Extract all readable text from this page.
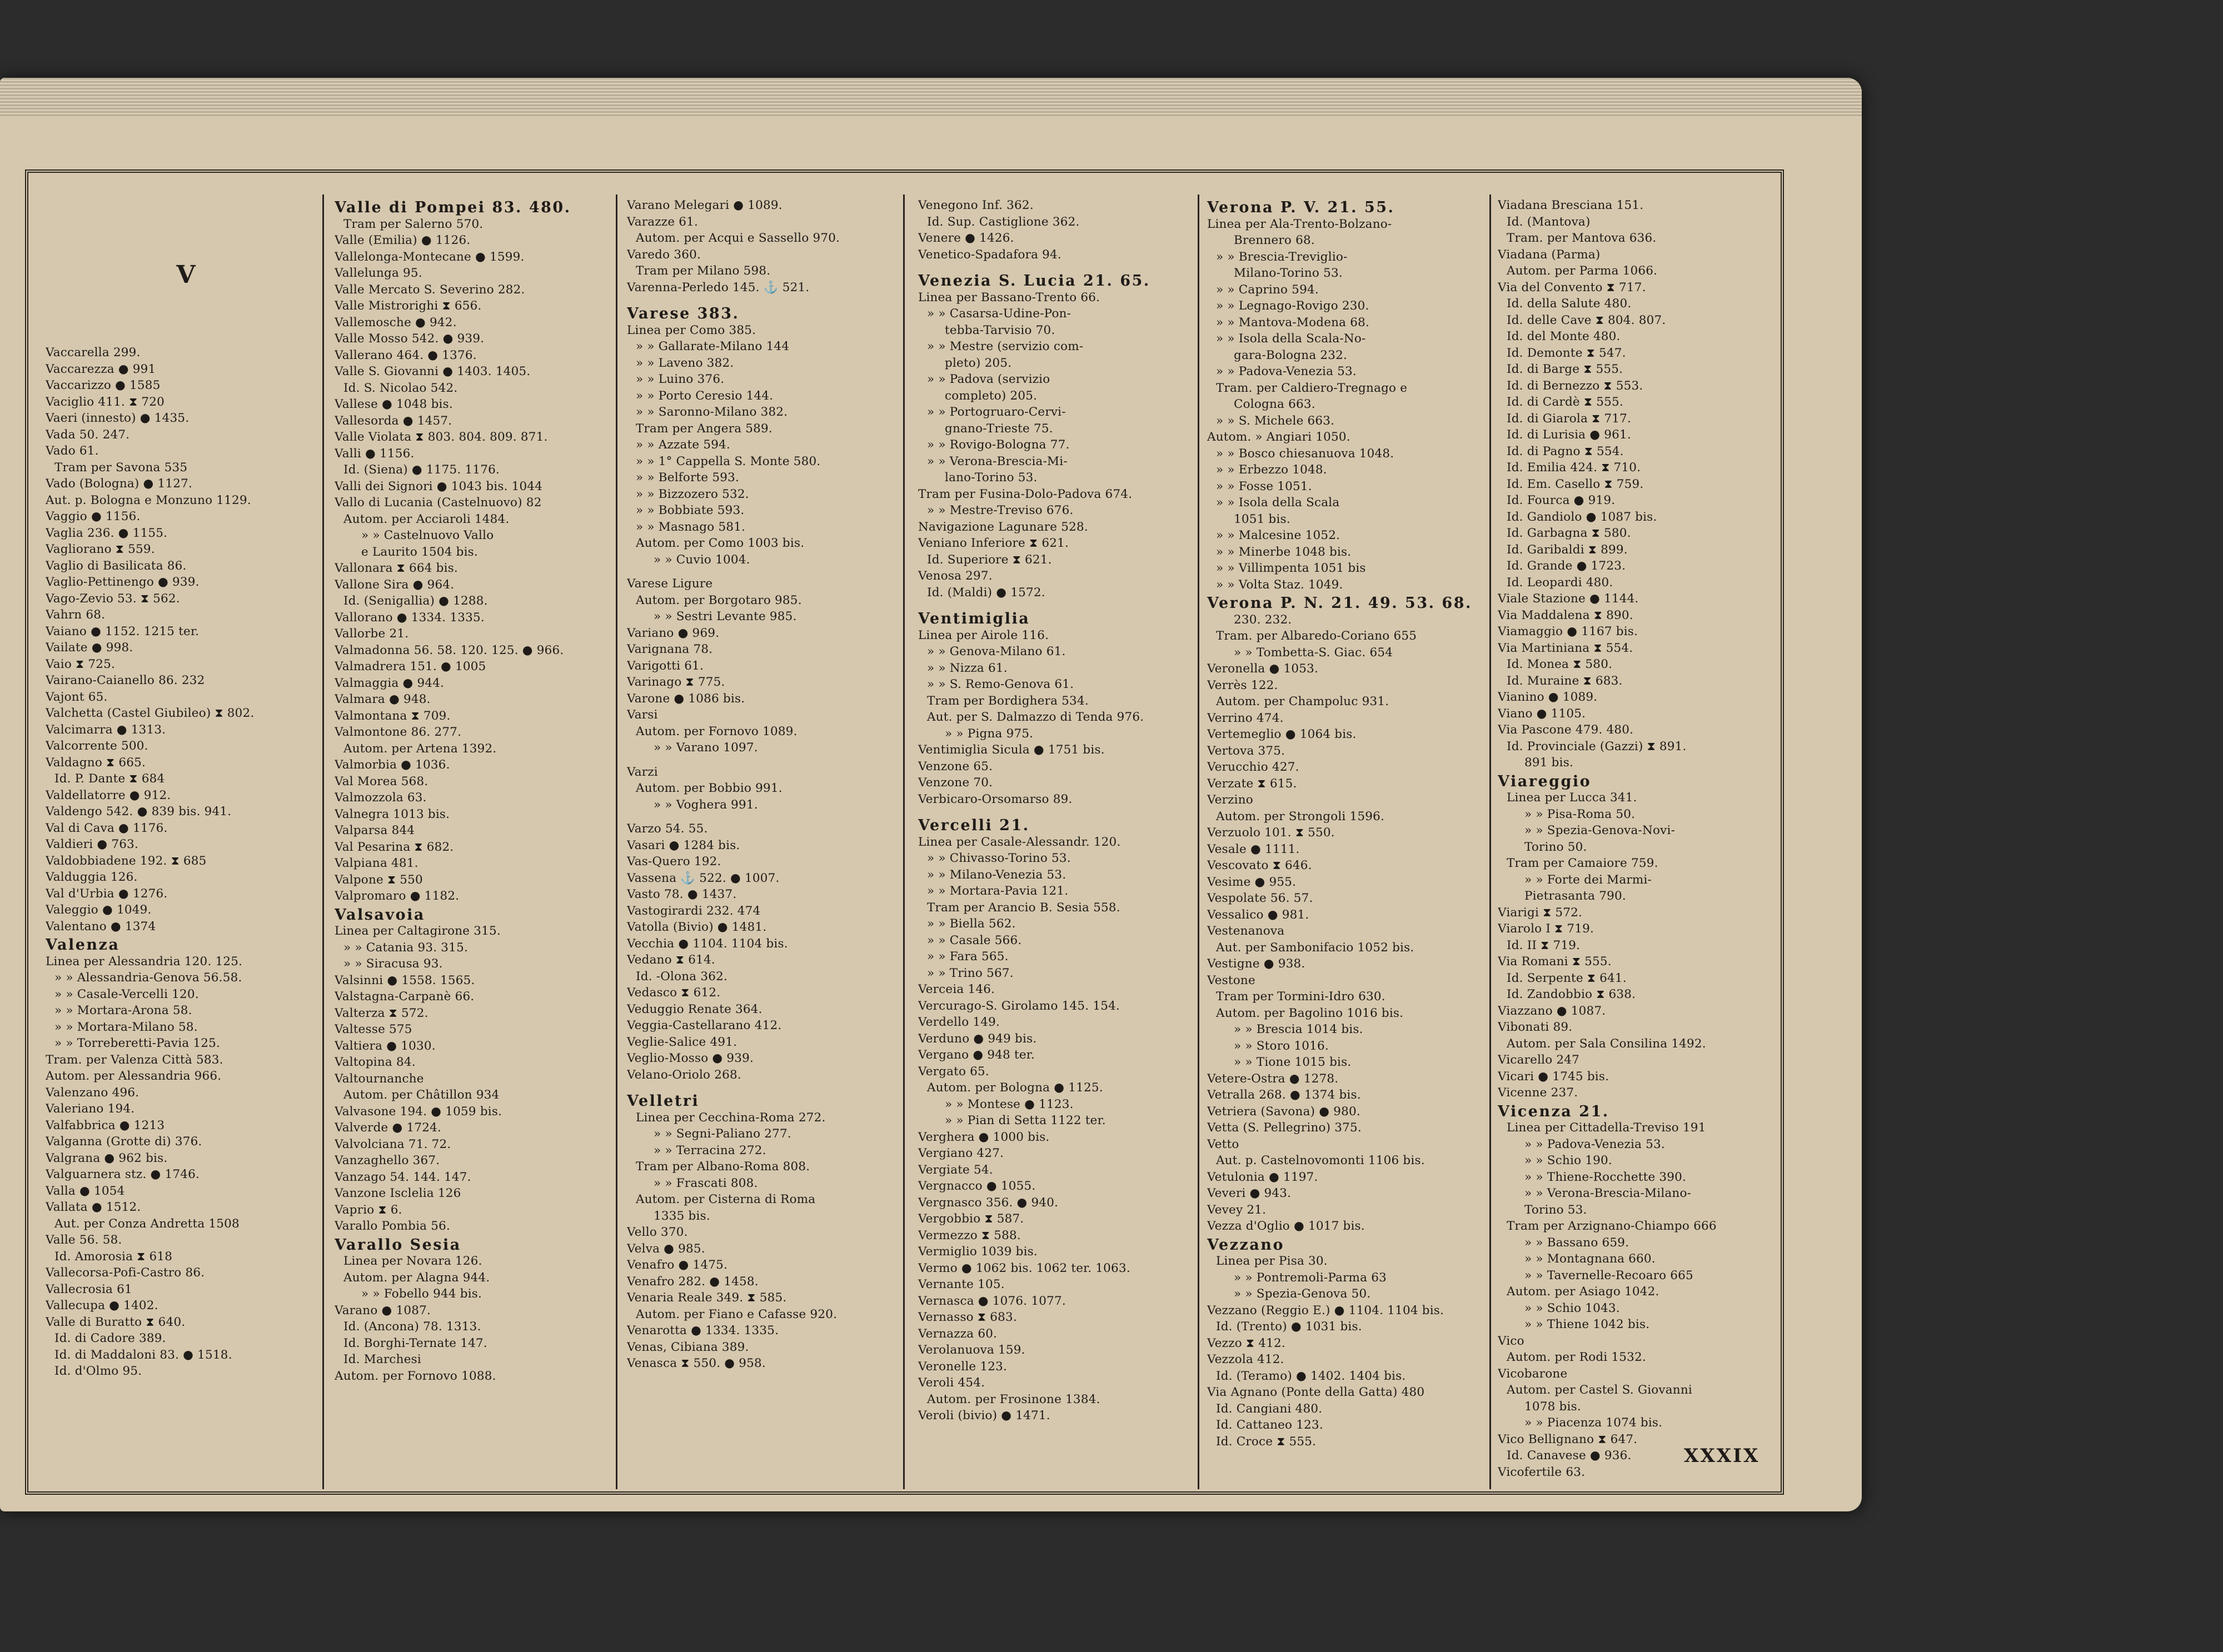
V
Vaccarella 299.
Vaccarezza ● 991
Vaccarizzo ● 1585
Vaciglio 411. ⧗ 720
Vaeri (innesto) ● 1435.
Vada 50. 247.
Vado 61.
Tram per Savona 535
Vado (Bologna) ● 1127.
Aut. p. Bologna e Monzuno 1129.
Vaggio ● 1156.
Vaglia 236. ● 1155.
Vagliorano ⧗ 559.
Vaglio di Basilicata 86.
Vaglio-Pettinengo ● 939.
Vago-Zevio 53. ⧗ 562.
Vahrn 68.
Vaiano ● 1152. 1215 ter.
Vailate ● 998.
Vaio ⧗ 725.
Vairano-Caianello 86. 232
Vajont 65.
Valchetta (Castel Giubileo) ⧗ 802.
Valcimarra ● 1313.
Valcorrente 500.
Valdagno ⧗ 665.
Id. P. Dante ⧗ 684
Valdellatorre ● 912.
Valdengo 542. ● 839 bis. 941.
Val di Cava ● 1176.
Valdieri ● 763.
Valdobbiadene 192. ⧗ 685
Valduggia 126.
Val d'Urbia ● 1276.
Valeggio ● 1049.
Valentano ● 1374
Valenza
Linea per Alessandria 120. 125.
» » Alessandria-Genova 56.58.
» » Casale-Vercelli 120.
» » Mortara-Arona 58.
» » Mortara-Milano 58.
» » Torreberetti-Pavia 125.
Tram. per Valenza Città 583.
Autom. per Alessandria 966.
Valenzano 496.
Valeriano 194.
Valfabbrica ● 1213
Valganna (Grotte di) 376.
Valgrana ● 962 bis.
Valguarnera stz. ● 1746.
Valla ● 1054
Vallata ● 1512.
Aut. per Conza Andretta 1508
Valle 56. 58.
Id. Amorosia ⧗ 618
Vallecorsa-Pofi-Castro 86.
Vallecrosia 61
Vallecupa ● 1402.
Valle di Buratto ⧗ 640.
Id. di Cadore 389.
Id. di Maddaloni 83. ● 1518.
Id. d'Olmo 95.
Valle di Pompei 83. 480.
Tram per Salerno 570.
Valle (Emilia) ● 1126.
Vallelonga-Montecane ● 1599.
Vallelunga 95.
Valle Mercato S. Severino 282.
Valle Mistrorighi ⧗ 656.
Vallemosche ● 942.
Valle Mosso 542. ● 939.
Vallerano 464. ● 1376.
Valle S. Giovanni ● 1403. 1405.
Id. S. Nicolao 542.
Vallese ● 1048 bis.
Vallesorda ● 1457.
Valle Violata ⧗ 803. 804. 809. 871.
Valli ● 1156.
Id. (Siena) ● 1175. 1176.
Valli dei Signori ● 1043 bis. 1044
Vallo di Lucania (Castelnuovo) 82
Autom. per Acciaroli 1484.
» » Castelnuovo Vallo
e Laurito 1504 bis.
Vallonara ⧗ 664 bis.
Vallone Sira ● 964.
Id. (Senigallia) ● 1288.
Vallorano ● 1334. 1335.
Vallorbe 21.
Valmadonna 56. 58. 120. 125. ● 966.
Valmadrera 151. ● 1005
Valmaggia ● 944.
Valmara ● 948.
Valmontana ⧗ 709.
Valmontone 86. 277.
Autom. per Artena 1392.
Valmorbia ● 1036.
Val Morea 568.
Valmozzola 63.
Valnegra 1013 bis.
Valparsa 844
Val Pesarina ⧗ 682.
Valpiana 481.
Valpone ⧗ 550
Valpromaro ● 1182.
Valsavoia
Linea per Caltagirone 315.
» » Catania 93. 315.
» » Siracusa 93.
Valsinni ● 1558. 1565.
Valstagna-Carpanè 66.
Valterza ⧗ 572.
Valtesse 575
Valtiera ● 1030.
Valtopina 84.
Valtournanche
Autom. per Châtillon 934
Valvasone 194. ● 1059 bis.
Valverde ● 1724.
Valvolciana 71. 72.
Vanzaghello 367.
Vanzago 54. 144. 147.
Vanzone Isclelia 126
Vaprio ⧗ 6.
Varallo Pombia 56.
Varallo Sesia
Linea per Novara 126.
Autom. per Alagna 944.
» » Fobello 944 bis.
Varano ● 1087.
Id. (Ancona) 78. 1313.
Id. Borghi-Ternate 147.
Id. Marchesi
Autom. per Fornovo 1088.
Varano Melegari ● 1089.
Varazze 61.
Autom. per Acqui e Sassello 970.
Varedo 360.
Tram per Milano 598.
Varenna-Perledo 145. ⚓ 521.
Varese 383.
Linea per Como 385.
» » Gallarate-Milano 144
» » Laveno 382.
» » Luino 376.
» » Porto Ceresio 144.
» » Saronno-Milano 382.
Tram per Angera 589.
» » Azzate 594.
» » 1° Cappella S. Monte 580.
» » Belforte 593.
» » Bizzozero 532.
» » Bobbiate 593.
» » Masnago 581.
Autom. per Como 1003 bis.
» » Cuvio 1004.
Varese Ligure
Autom. per Borgotaro 985.
» » Sestri Levante 985.
Variano ● 969.
Varignana 78.
Varigotti 61.
Varinago ⧗ 775.
Varone ● 1086 bis.
Varsi
Autom. per Fornovo 1089.
» » Varano 1097.
Varzi
Autom. per Bobbio 991.
» » Voghera 991.
Varzo 54. 55.
Vasari ● 1284 bis.
Vas-Quero 192.
Vassena ⚓ 522. ● 1007.
Vasto 78. ● 1437.
Vastogirardi 232. 474
Vatolla (Bivio) ● 1481.
Vecchia ● 1104. 1104 bis.
Vedano ⧗ 614.
Id. -Olona 362.
Vedasco ⧗ 612.
Veduggio Renate 364.
Veggia-Castellarano 412.
Veglie-Salice 491.
Veglio-Mosso ● 939.
Velano-Oriolo 268.
Velletri
Linea per Cecchina-Roma 272.
» » Segni-Paliano 277.
» » Terracina 272.
Tram per Albano-Roma 808.
» » Frascati 808.
Autom. per Cisterna di Roma
1335 bis.
Vello 370.
Velva ● 985.
Venafro ● 1475.
Venafro 282. ● 1458.
Venaria Reale 349. ⧗ 585.
Autom. per Fiano e Cafasse 920.
Venarotta ● 1334. 1335.
Venas, Cibiana 389.
Venasca ⧗ 550. ● 958.
Venegono Inf. 362.
Id. Sup. Castiglione 362.
Venere ● 1426.
Venetico-Spadafora 94.
Venezia S. Lucia 21. 65.
Linea per Bassano-Trento 66.
» » Casarsa-Udine-Pon-
tebba-Tarvisio 70.
» » Mestre (servizio com-
pleto) 205.
» » Padova (servizio
completo) 205.
» » Portogruaro-Cervi-
gnano-Trieste 75.
» » Rovigo-Bologna 77.
» » Verona-Brescia-Mi-
lano-Torino 53.
Tram per Fusina-Dolo-Padova 674.
» » Mestre-Treviso 676.
Navigazione Lagunare 528.
Veniano Inferiore ⧗ 621.
Id. Superiore ⧗ 621.
Venosa 297.
Id. (Maldi) ● 1572.
Ventimiglia
Linea per Airole 116.
» » Genova-Milano 61.
» » Nizza 61.
» » S. Remo-Genova 61.
Tram per Bordighera 534.
Aut. per S. Dalmazzo di Tenda 976.
» » Pigna 975.
Ventimiglia Sicula ● 1751 bis.
Venzone 65.
Venzone 70.
Verbicaro-Orsomarso 89.
Vercelli 21.
Linea per Casale-Alessandr. 120.
» » Chivasso-Torino 53.
» » Milano-Venezia 53.
» » Mortara-Pavia 121.
Tram per Arancio B. Sesia 558.
» » Biella 562.
» » Casale 566.
» » Fara 565.
» » Trino 567.
Verceia 146.
Vercurago-S. Girolamo 145. 154.
Verdello 149.
Verduno ● 949 bis.
Vergano ● 948 ter.
Vergato 65.
Autom. per Bologna ● 1125.
» » Montese ● 1123.
» » Pian di Setta 1122 ter.
Verghera ● 1000 bis.
Vergiano 427.
Vergiate 54.
Vergnacco ● 1055.
Vergnasco 356. ● 940.
Vergobbio ⧗ 587.
Vermezzo ⧗ 588.
Vermiglio 1039 bis.
Vermo ● 1062 bis. 1062 ter. 1063.
Vernante 105.
Vernasca ● 1076. 1077.
Vernasso ⧗ 683.
Vernazza 60.
Verolanuova 159.
Veronelle 123.
Veroli 454.
Autom. per Frosinone 1384.
Veroli (bivio) ● 1471.
Verona P. V. 21. 55.
Linea per Ala-Trento-Bolzano-
Brennero 68.
» » Brescia-Treviglio-
Milano-Torino 53.
» » Caprino 594.
» » Legnago-Rovigo 230.
» » Mantova-Modena 68.
» » Isola della Scala-No-
gara-Bologna 232.
» » Padova-Venezia 53.
Tram. per Caldiero-Tregnago e
Cologna 663.
» » S. Michele 663.
Autom. » Angiari 1050.
» » Bosco chiesanuova 1048.
» » Erbezzo 1048.
» » Fosse 1051.
» » Isola della Scala
1051 bis.
» » Malcesine 1052.
» » Minerbe 1048 bis.
» » Villimpenta 1051 bis
» » Volta Staz. 1049.
Verona P. N. 21. 49. 53. 68.
230. 232.
Tram. per Albaredo-Coriano 655
» » Tombetta-S. Giac. 654
Veronella ● 1053.
Verrès 122.
Autom. per Champoluc 931.
Verrino 474.
Vertemeglio ● 1064 bis.
Vertova 375.
Verucchio 427.
Verzate ⧗ 615.
Verzino
Autom. per Strongoli 1596.
Verzuolo 101. ⧗ 550.
Vesale ● 1111.
Vescovato ⧗ 646.
Vesime ● 955.
Vespolate 56. 57.
Vessalico ● 981.
Vestenanova
Aut. per Sambonifacio 1052 bis.
Vestigne ● 938.
Vestone
Tram per Tormini-Idro 630.
Autom. per Bagolino 1016 bis.
» » Brescia 1014 bis.
» » Storo 1016.
» » Tione 1015 bis.
Vetere-Ostra ● 1278.
Vetralla 268. ● 1374 bis.
Vetriera (Savona) ● 980.
Vetta (S. Pellegrino) 375.
Vetto
Aut. p. Castelnovomonti 1106 bis.
Vetulonia ● 1197.
Veveri ● 943.
Vevey 21.
Vezza d'Oglio ● 1017 bis.
Vezzano
Linea per Pisa 30.
» » Pontremoli-Parma 63
» » Spezia-Genova 50.
Vezzano (Reggio E.) ● 1104. 1104 bis.
Id. (Trento) ● 1031 bis.
Vezzo ⧗ 412.
Vezzola 412.
Id. (Teramo) ● 1402. 1404 bis.
Via Agnano (Ponte della Gatta) 480
Id. Cangiani 480.
Id. Cattaneo 123.
Id. Croce ⧗ 555.
Viadana Bresciana 151.
Id. (Mantova)
Tram. per Mantova 636.
Viadana (Parma)
Autom. per Parma 1066.
Via del Convento ⧗ 717.
Id. della Salute 480.
Id. delle Cave ⧗ 804. 807.
Id. del Monte 480.
Id. Demonte ⧗ 547.
Id. di Barge ⧗ 555.
Id. di Bernezzo ⧗ 553.
Id. di Cardè ⧗ 555.
Id. di Giarola ⧗ 717.
Id. di Lurisia ● 961.
Id. di Pagno ⧗ 554.
Id. Emilia 424. ⧗ 710.
Id. Em. Casello ⧗ 759.
Id. Fourca ● 919.
Id. Gandiolo ● 1087 bis.
Id. Garbagna ⧗ 580.
Id. Garibaldi ⧗ 899.
Id. Grande ● 1723.
Id. Leopardi 480.
Viale Stazione ● 1144.
Via Maddalena ⧗ 890.
Viamaggio ● 1167 bis.
Via Martiniana ⧗ 554.
Id. Monea ⧗ 580.
Id. Muraine ⧗ 683.
Vianino ● 1089.
Viano ● 1105.
Via Pascone 479. 480.
Id. Provinciale (Gazzi) ⧗ 891.
891 bis.
Viareggio
Linea per Lucca 341.
» » Pisa-Roma 50.
» » Spezia-Genova-Novi-
Torino 50.
Tram per Camaiore 759.
» » Forte dei Marmi-
Pietrasanta 790.
Viarigi ⧗ 572.
Viarolo I ⧗ 719.
Id. II ⧗ 719.
Via Romani ⧗ 555.
Id. Serpente ⧗ 641.
Id. Zandobbio ⧗ 638.
Viazzano ● 1087.
Vibonati 89.
Autom. per Sala Consilina 1492.
Vicarello 247
Vicari ● 1745 bis.
Vicenne 237.
Vicenza 21.
Linea per Cittadella-Treviso 191
» » Padova-Venezia 53.
» » Schio 190.
» » Thiene-Rocchette 390.
» » Verona-Brescia-Milano-
Torino 53.
Tram per Arzignano-Chiampo 666
» » Bassano 659.
» » Montagnana 660.
» » Tavernelle-Recoaro 665
Autom. per Asiago 1042.
» » Schio 1043.
» » Thiene 1042 bis.
Vico
Autom. per Rodi 1532.
Vicobarone
Autom. per Castel S. Giovanni
1078 bis.
» » Piacenza 1074 bis.
Vico Bellignano ⧗ 647.
Id. Canavese ● 936.
Vicofertile 63.
XXXIX
